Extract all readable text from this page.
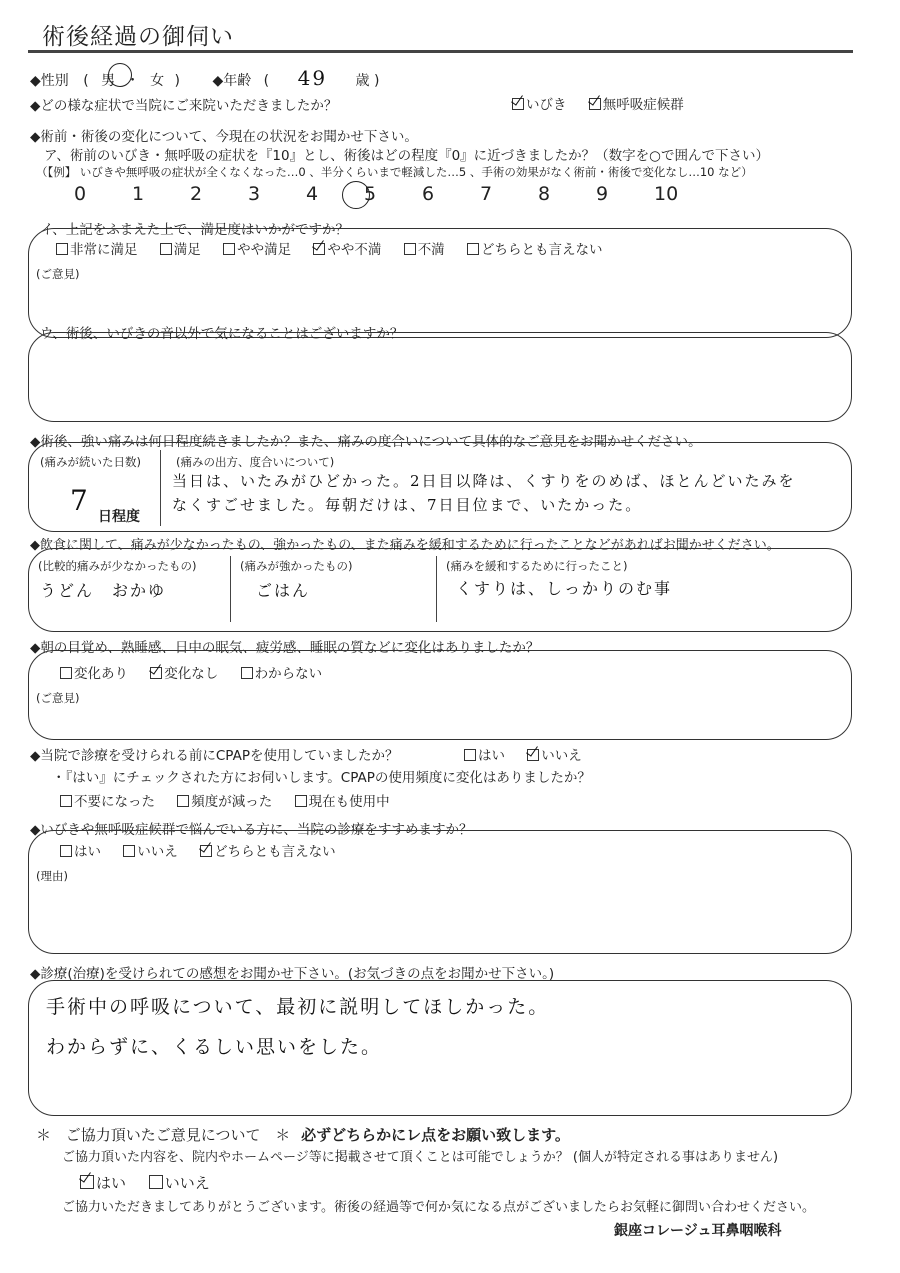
術後経過の御伺い
◆性別 ( 男 ・ 女 ) ◆年齢 ( 49 歳 )
◆どの様な症状で当院にご来院いただきましたか？	いびき	無呼吸症候群
◆術前・術後の変化について、今現在の状況をお聞かせ下さい。
ア、術前のいびき・無呼吸の症状を『10』とし、術後はどの程度『0』に近づきましたか？（数字を○で囲んで下さい）
（【例】 いびきや無呼吸の症状が全くなくなった…0 、半分くらいまで軽減した…5 、手術の効果がなく術前・術後で変化なし…10 など）
0 1 2 3 4 5 6 7 8 9 10
イ、上記をふまえた上で、満足度はいかがですか？
非常に満足	満足	やや満足	やや不満	不満	どちらとも言えない
(ご意見)
ウ、術後、いびきの音以外で気になることはございますか？
◆術後、強い痛みは何日程度続きましたか？また、痛みの度合いについて具体的なご意見をお聞かせください。
(痛みが続いた日数)
7 日程度
(痛みの出方、度合いについて)
当日は、いたみがひどかった。2日目以降は、くすりをのめば、ほとんどいたみを
なくすごせました。毎朝だけは、7日目位まで、いたかった。
◆飲食に関して、痛みが少なかったもの、強かったもの、また痛みを緩和するために行ったことなどがあればお聞かせください。
(比較的痛みが少なかったもの)
うどん　おかゆ
(痛みが強かったもの)
ごはん
(痛みを緩和するために行ったこと)
くすりは、しっかりのむ事
◆朝の目覚め、熟睡感、日中の眠気、疲労感、睡眠の質などに変化はありましたか？
変化あり	変化なし	わからない
(ご意見)
◆当院で診療を受けられる前にCPAPを使用していましたか？	はい	いいえ
・『はい』にチェックされた方にお伺いします。CPAPの使用頻度に変化はありましたか？
不要になった	頻度が減った	現在も使用中
◆いびきや無呼吸症候群で悩んでいる方に、当院の診療をすすめますか？
はい	いいえ	どちらとも言えない
(理由)
◆診療(治療)を受けられての感想をお聞かせ下さい。(お気づきの点をお聞かせ下さい。)
手術中の呼吸について、最初に説明してほしかった。
わからずに、くるしい思いをした。
＊ ご協力頂いたご意見について ＊ 必ずどちらかにレ点をお願い致します。
ご協力頂いた内容を、院内やホームページ等に掲載させて頂くことは可能でしょうか？ (個人が特定される事はありません)
はい	いいえ
ご協力いただきましてありがとうございます。術後の経過等で何か気になる点がございましたらお気軽に御問い合わせください。
銀座コレージュ耳鼻咽喉科
